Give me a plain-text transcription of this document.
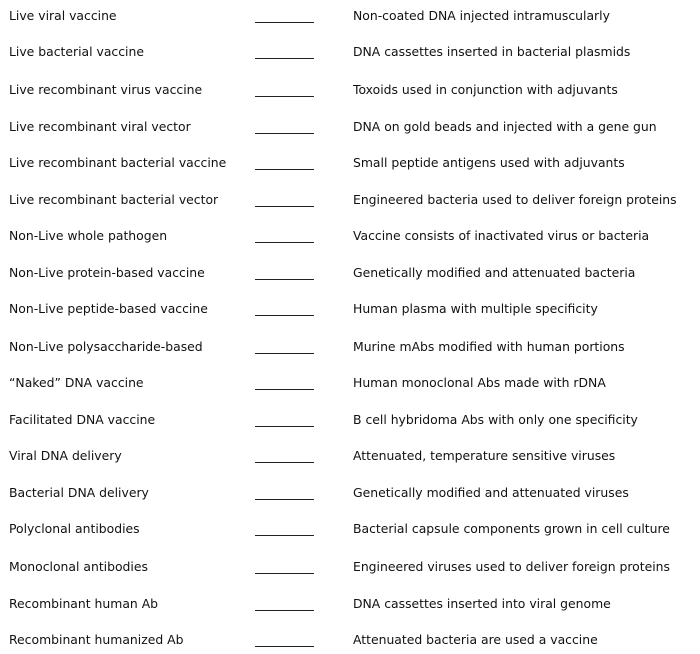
Live viral vaccine	Non-coated DNA injected intramuscularly
Live bacterial vaccine	DNA cassettes inserted in bacterial plasmids
Live recombinant virus vaccine	Toxoids used in conjunction with adjuvants
Live recombinant viral vector	DNA on gold beads and injected with a gene gun
Live recombinant bacterial vaccine	Small peptide antigens used with adjuvants
Live recombinant bacterial vector	Engineered bacteria used to deliver foreign proteins
Non-Live whole pathogen	Vaccine consists of inactivated virus or bacteria
Non-Live protein-based vaccine	Genetically modified and attenuated bacteria
Non-Live peptide-based vaccine	Human plasma with multiple specificity
Non-Live polysaccharide-based	Murine mAbs modified with human portions
“Naked” DNA vaccine	Human monoclonal Abs made with rDNA
Facilitated DNA vaccine	B cell hybridoma Abs with only one specificity
Viral DNA delivery	Attenuated, temperature sensitive viruses
Bacterial DNA delivery	Genetically modified and attenuated viruses
Polyclonal antibodies	Bacterial capsule components grown in cell culture
Monoclonal antibodies	Engineered viruses used to deliver foreign proteins
Recombinant human Ab	DNA cassettes inserted into viral genome
Recombinant humanized Ab	Attenuated bacteria are used a vaccine
